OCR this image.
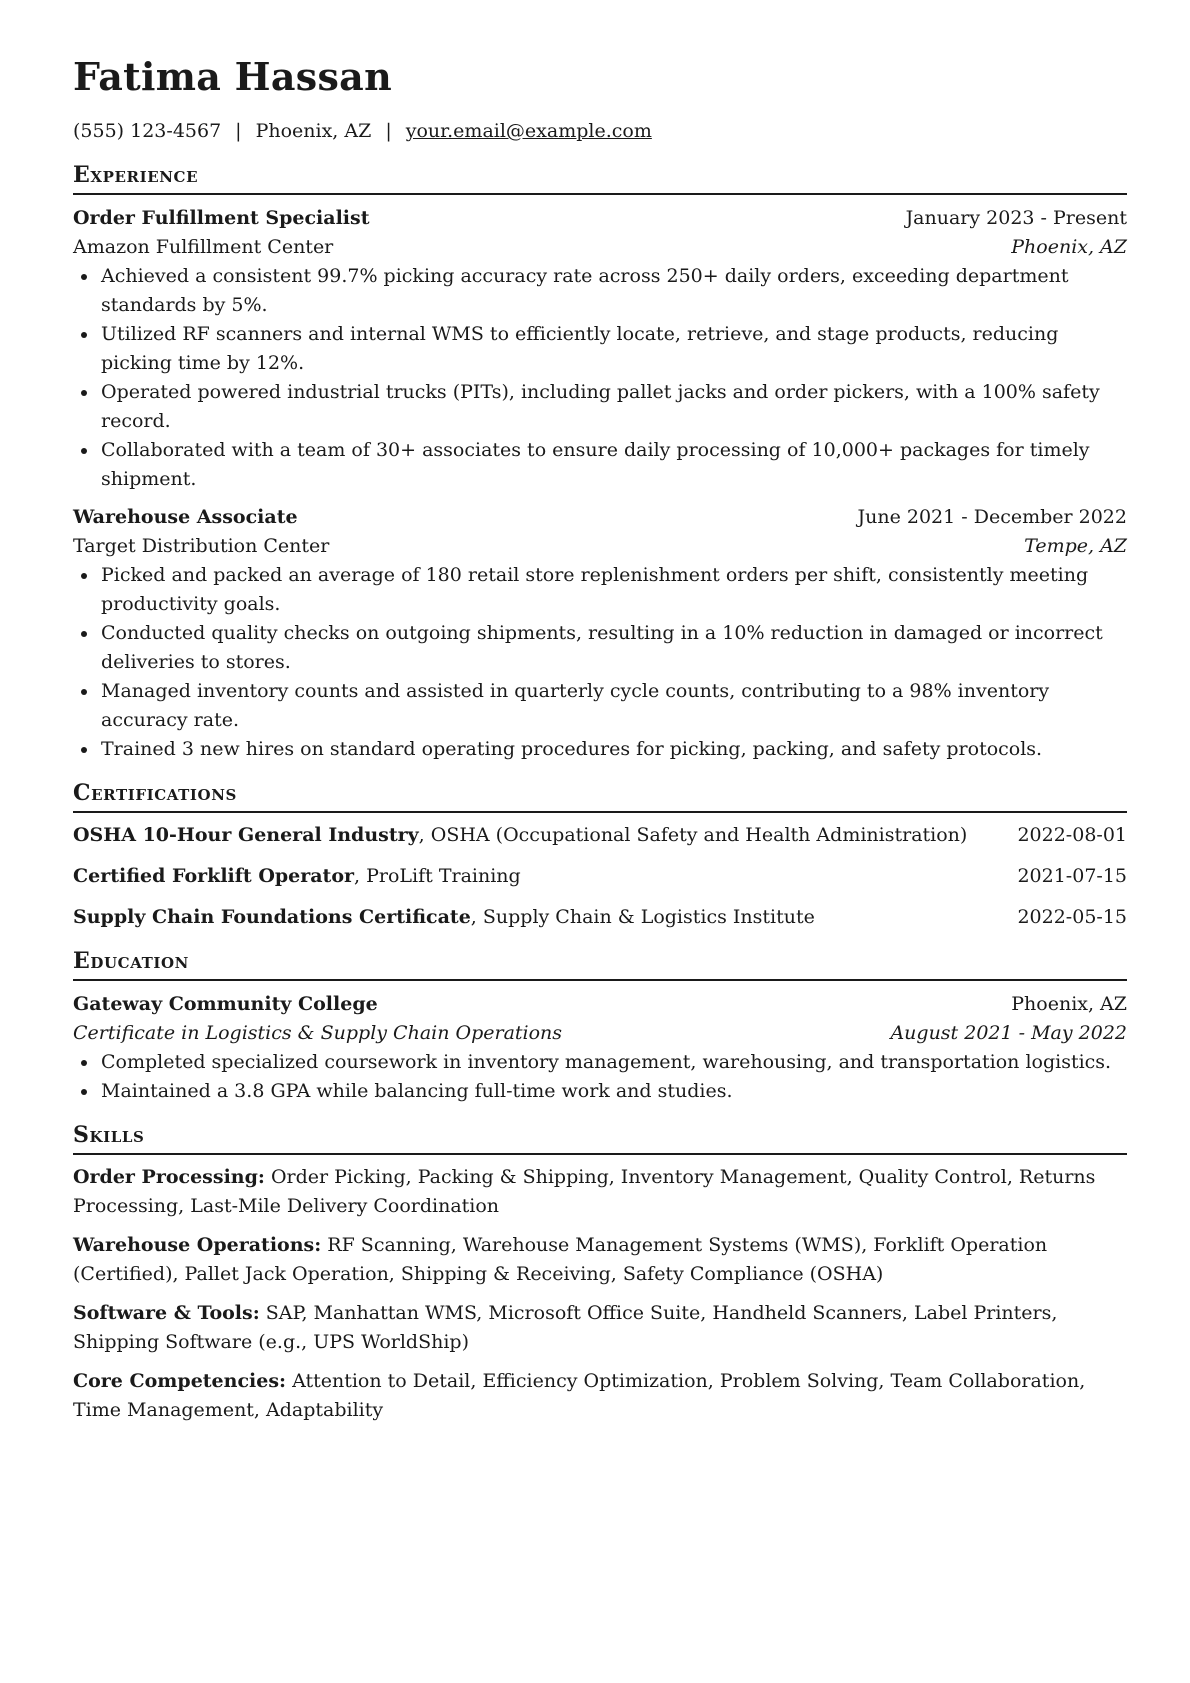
Fatima Hassan
(555) 123-4567 | Phoenix, AZ | your.email@example.com
Experience
Order Fulfillment Specialist	January 2023 - Present
Amazon Fulfillment Center	Phoenix, AZ
Achieved a consistent 99.7% picking accuracy rate across 250+ daily orders, exceeding department standards by 5%.
Utilized RF scanners and internal WMS to efficiently locate, retrieve, and stage products, reducing picking time by 12%.
Operated powered industrial trucks (PITs), including pallet jacks and order pickers, with a 100% safety record.
Collaborated with a team of 30+ associates to ensure daily processing of 10,000+ packages for timely shipment.
Warehouse Associate	June 2021 - December 2022
Target Distribution Center	Tempe, AZ
Picked and packed an average of 180 retail store replenishment orders per shift, consistently meeting productivity goals.
Conducted quality checks on outgoing shipments, resulting in a 10% reduction in damaged or incorrect deliveries to stores.
Managed inventory counts and assisted in quarterly cycle counts, contributing to a 98% inventory accuracy rate.
Trained 3 new hires on standard operating procedures for picking, packing, and safety protocols.
Certifications
OSHA 10-Hour General Industry, OSHA (Occupational Safety and Health Administration)	2022-08-01
Certified Forklift Operator, ProLift Training	2021-07-15
Supply Chain Foundations Certificate, Supply Chain & Logistics Institute	2022-05-15
Education
Gateway Community College	Phoenix, AZ
Certificate in Logistics & Supply Chain Operations	August 2021 - May 2022
Completed specialized coursework in inventory management, warehousing, and transportation logistics.
Maintained a 3.8 GPA while balancing full-time work and studies.
Skills
Order Processing: Order Picking, Packing & Shipping, Inventory Management, Quality Control, Returns Processing, Last-Mile Delivery Coordination
Warehouse Operations: RF Scanning, Warehouse Management Systems (WMS), Forklift Operation (Certified), Pallet Jack Operation, Shipping & Receiving, Safety Compliance (OSHA)
Software & Tools: SAP, Manhattan WMS, Microsoft Office Suite, Handheld Scanners, Label Printers, Shipping Software (e.g., UPS WorldShip)
Core Competencies: Attention to Detail, Efficiency Optimization, Problem Solving, Team Collaboration, Time Management, Adaptability
